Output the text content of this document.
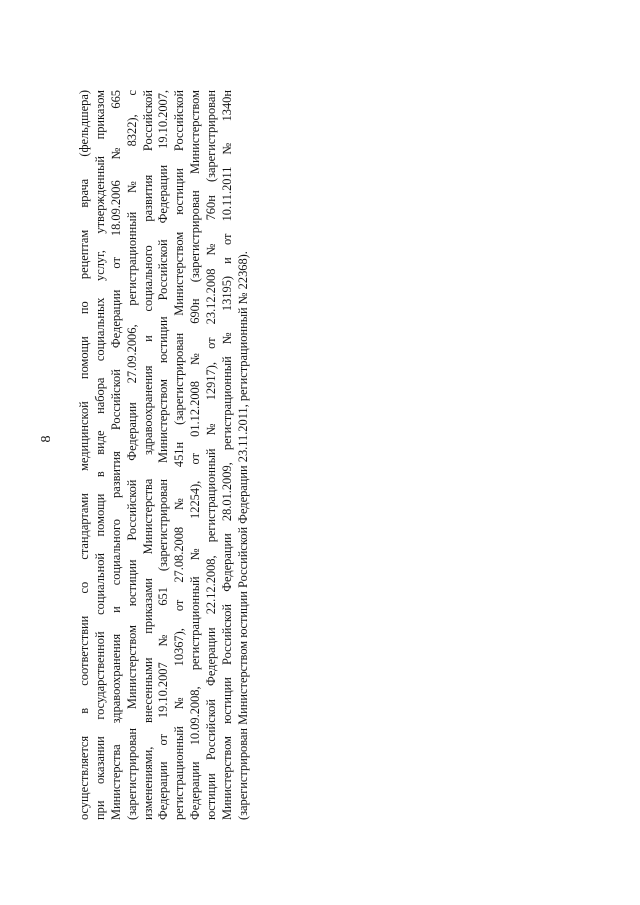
8 осуществляется в соответствии со стандартами медицинской помощи по рецептам врача (фельдшера) при оказании государственной социальной помощи в виде набора социальных услуг, утвержденный приказом Министерства здравоохранения и социального развития Российской Федерации от 18.09.2006 № 665 (зарегистрирован Министерством юстиции Российской Федерации 27.09.2006, регистрационный № 8322), с изменениями, внесенными приказами Министерства здравоохранения и социального развития Российской Федерации от 19.10.2007 № 651 (зарегистрирован Министерством юстиции Российской Федерации 19.10.2007, регистрационный № 10367), от 27.08.2008 № 451н (зарегистрирован Министерством юстиции Российской Федерации 10.09.2008, регистрационный № 12254), от 01.12.2008 № 690н (зарегистрирован Министерством юстиции Российской Федерации 22.12.2008, регистрационный № 12917), от 23.12.2008 № 760н (зарегистрирован Министерством юстиции Российской Федерации 28.01.2009, регистрационный № 13195) и от 10.11.2011 № 1340н (зарегистрирован Министерством юстиции Российской Федерации 23.11.2011, регистрационный № 22368).
